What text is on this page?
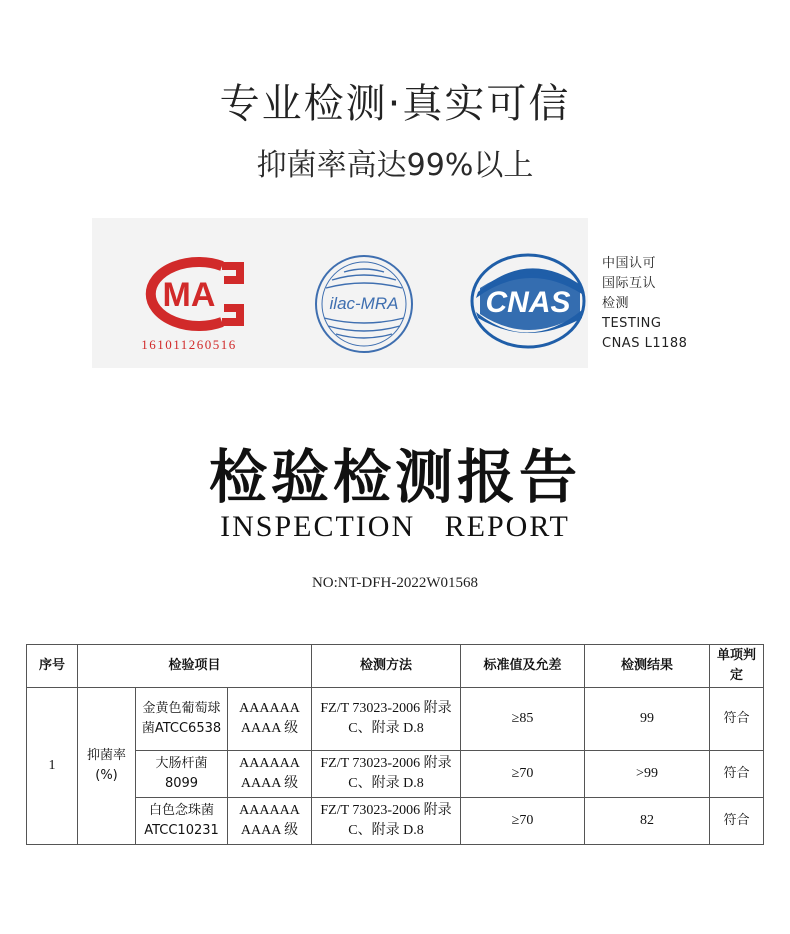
专业检测·真实可信
抑菌率高达99%以上
MA
161011260516
ilac-MRA	CNAS
中国认可
国际互认
检测
TESTING
CNAS L1188
检验检测报告
INSPECTION REPORT
NO:NT-DFH-2022W01568
序号	检验项目			检测方法	标准值及允差	检测结果	单项判定
1	抑菌率(%)	金黄色葡萄球菌ATCC6538	AAAAAA AAAA 级	FZ/T 73023-2006 附录 C、附录 D.8	≥85	99	符合
		大肠杆菌8099	AAAAAA AAAA 级	FZ/T 73023-2006 附录 C、附录 D.8	≥70	>99	符合
		白色念珠菌ATCC10231	AAAAAA AAAA 级	FZ/T 73023-2006 附录 C、附录 D.8	≥70	82	符合
